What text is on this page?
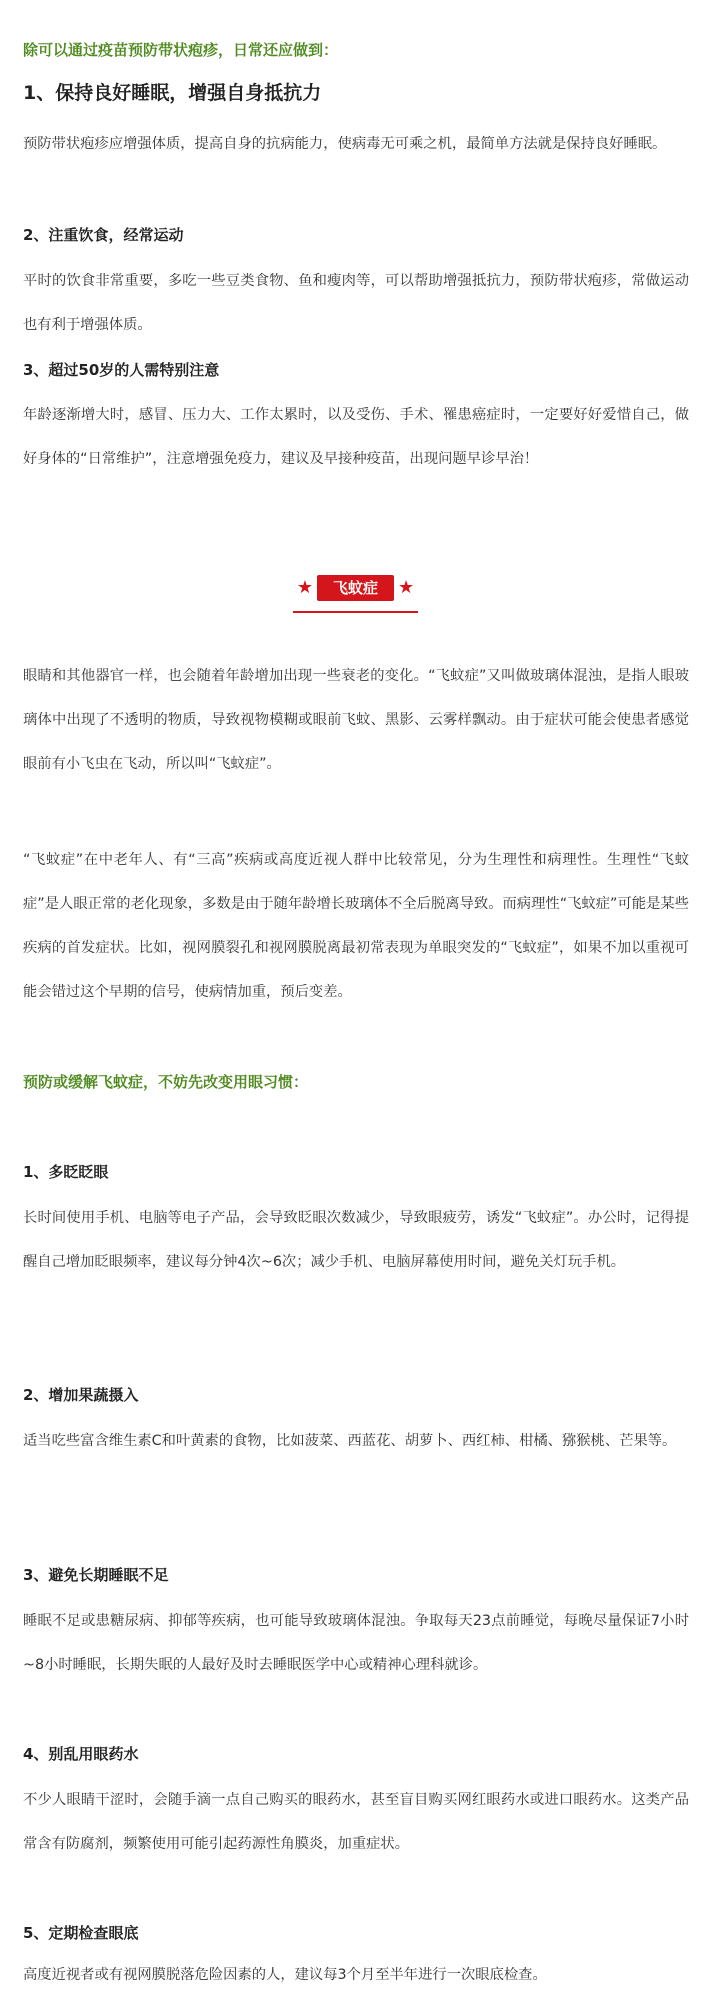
除可以通过疫苗预防带状疱疹，日常还应做到：

1、保持良好睡眠，增强自身抵抗力

预防带状疱疹应增强体质，提高自身的抗病能力，使病毒无可乘之机，最简单方法就是保持良好睡眠。

2、注重饮食，经常运动

平时的饮食非常重要，多吃一些豆类食物、鱼和瘦肉等，可以帮助增强抵抗力，预防带状疱疹，常做运动也有利于增强体质。

3、超过50岁的人需特别注意

年龄逐渐增大时，感冒、压力大、工作太累时，以及受伤、手术、罹患癌症时，一定要好好爱惜自己，做好身体的“日常维护”，注意增强免疫力，建议及早接种疫苗，出现问题早诊早治！

★	飞蚊症	★

眼睛和其他器官一样，也会随着年龄增加出现一些衰老的变化。“飞蚊症”又叫做玻璃体混浊，是指人眼玻璃体中出现了不透明的物质，导致视物模糊或眼前飞蚊、黑影、云雾样飘动。由于症状可能会使患者感觉眼前有小飞虫在飞动，所以叫“飞蚊症”。

“飞蚊症”在中老年人、有“三高”疾病或高度近视人群中比较常见，分为生理性和病理性。生理性“飞蚊症”是人眼正常的老化现象，多数是由于随年龄增长玻璃体不全后脱离导致。而病理性“飞蚊症”可能是某些疾病的首发症状。比如，视网膜裂孔和视网膜脱离最初常表现为单眼突发的“飞蚊症”，如果不加以重视可能会错过这个早期的信号，使病情加重，预后变差。

预防或缓解飞蚊症，不妨先改变用眼习惯：

1、多眨眨眼

长时间使用手机、电脑等电子产品，会导致眨眼次数减少，导致眼疲劳，诱发“飞蚊症”。办公时，记得提醒自己增加眨眼频率，建议每分钟4次~6次；减少手机、电脑屏幕使用时间，避免关灯玩手机。

2、增加果蔬摄入

适当吃些富含维生素C和叶黄素的食物，比如菠菜、西蓝花、胡萝卜、西红柿、柑橘、猕猴桃、芒果等。

3、避免长期睡眠不足

睡眠不足或患糖尿病、抑郁等疾病，也可能导致玻璃体混浊。争取每天23点前睡觉，每晚尽量保证7小时~8小时睡眠，长期失眠的人最好及时去睡眠医学中心或精神心理科就诊。

4、别乱用眼药水

不少人眼睛干涩时，会随手滴一点自己购买的眼药水，甚至盲目购买网红眼药水或进口眼药水。这类产品常含有防腐剂，频繁使用可能引起药源性角膜炎，加重症状。

5、定期检查眼底

高度近视者或有视网膜脱落危险因素的人，建议每3个月至半年进行一次眼底检查。
